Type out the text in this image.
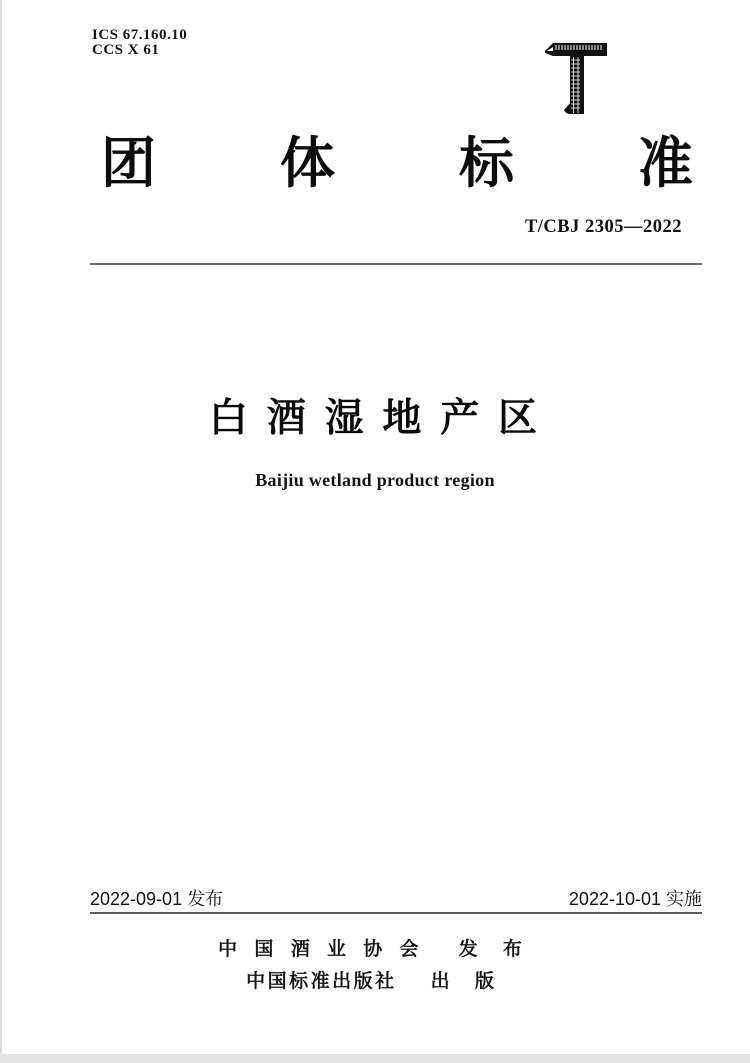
ICS 67.160.10
CCS X 61
团 体 标 准
T/CBJ 2305—2022
白 酒 湿 地 产 区
Baijiu wetland product region
2022-09-01 发布	2022-10-01 实施
中 国 酒 业 协 会 发 布
中国标准出版社 出 版
